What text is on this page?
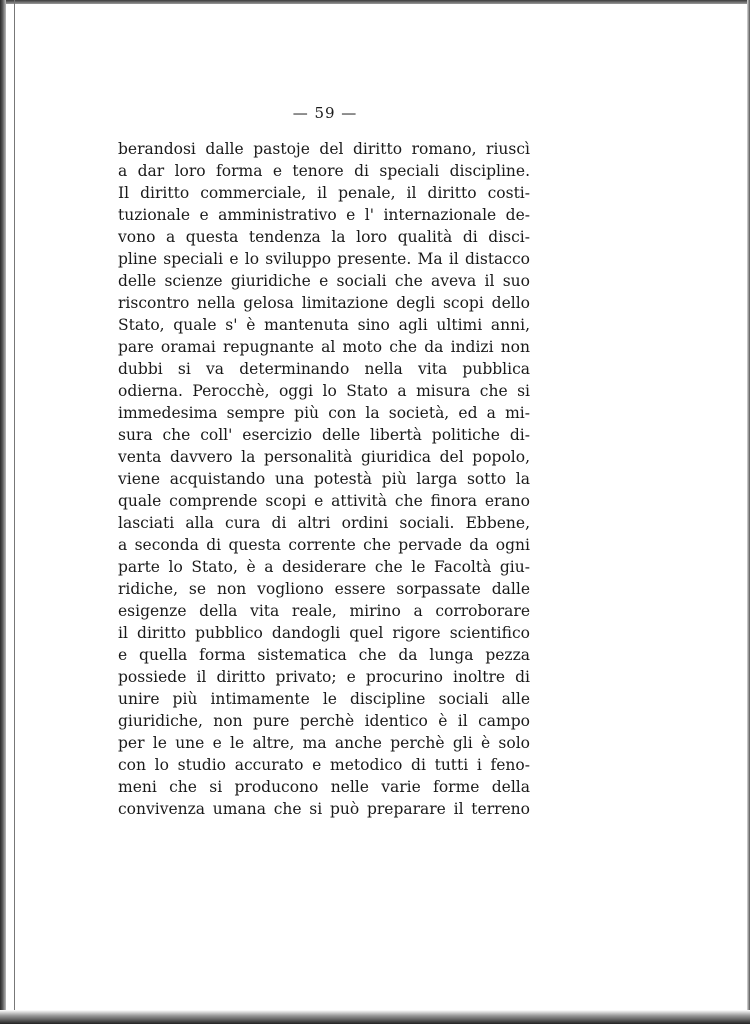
— 59 —
berandosi dalle pastoje del diritto romano, riuscì
a dar loro forma e tenore di speciali discipline.
Il diritto commerciale, il penale, il diritto costi-
tuzionale e amministrativo e l' internazionale de-
vono a questa tendenza la loro qualità di disci-
pline speciali e lo sviluppo presente. Ma il distacco
delle scienze giuridiche e sociali che aveva il suo
riscontro nella gelosa limitazione degli scopi dello
Stato, quale s' è mantenuta sino agli ultimi anni,
pare oramai repugnante al moto che da indizi non
dubbi si va determinando nella vita pubblica
odierna. Perocchè, oggi lo Stato a misura che si
immedesima sempre più con la società, ed a mi-
sura che coll' esercizio delle libertà politiche di-
venta davvero la personalità giuridica del popolo,
viene acquistando una potestà più larga sotto la
quale comprende scopi e attività che finora erano
lasciati alla cura di altri ordini sociali. Ebbene,
a seconda di questa corrente che pervade da ogni
parte lo Stato, è a desiderare che le Facoltà giu-
ridiche, se non vogliono essere sorpassate dalle
esigenze della vita reale, mirino a corroborare
il diritto pubblico dandogli quel rigore scientifico
e quella forma sistematica che da lunga pezza
possiede il diritto privato; e procurino inoltre di
unire più intimamente le discipline sociali alle
giuridiche, non pure perchè identico è il campo
per le une e le altre, ma anche perchè gli è solo
con lo studio accurato e metodico di tutti i feno-
meni che si producono nelle varie forme della
convivenza umana che si può preparare il terreno
